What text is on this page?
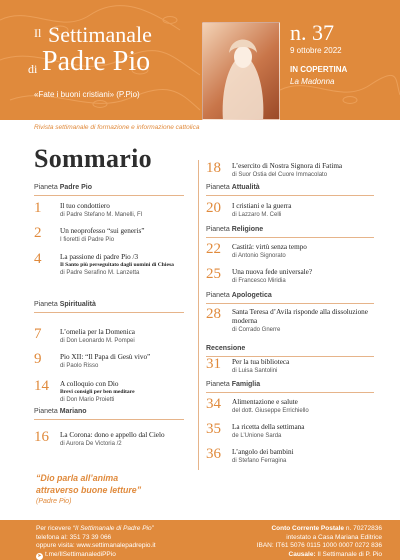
Il Settimanale
di Padre Pio
«Fate i buoni cristiani» (P.Pio)
n. 37
9 ottobre 2022
IN COPERTINA
La Madonna
Rivista settimanale di formazione e informazione cattolica
Sommario
Pianeta Padre Pio
1	Il tuo condottiero
di Padre Stefano M. Manelli, FI
2	Un neoprofesso “sui generis”
I fioretti di Padre Pio
4	La passione di padre Pio /3
Il Santo più perseguitato dagli uomini di Chiesa
di Padre Serafino M. Lanzetta
Pianeta Spiritualità
7	L’omelia per la Domenica
di Don Leonardo M. Pompei
9	Pio XII: “Il Papa di Gesù vivo”
di Paolo Risso
14 A colloquio con Dio
Brevi consigli per ben meditare
di Don Mario Proietti
Pianeta Mariano
16 La Corona: dono e appello dal Cielo
di Aurora De Victoria /2
18 L’esercito di Nostra Signora di Fatima
di Suor Ostia del Cuore Immacolato
Pianeta Attualità
20 I cristiani e la guerra
di Lazzaro M. Celli
Pianeta Religione
22 Castità: virtù senza tempo
di Antonio Signorato
25 Una nuova fede universale?
di Francesco Miridia
Pianeta Apologetica
28 Santa Teresa d’Avila risponde alla dissoluzione moderna
di Corrado Gnerre
Recensione
31 Per la tua biblioteca
di Luisa Santolini
Pianeta Famiglia
34 Alimentazione e salute
del dott. Giuseppe Errichiello
35 La ricetta della settimana
de L’Unione Sarda
36 L’angolo dei bambini
di Stefano Ferragina
“Dio parla all’anima
attraverso buone letture”
(Padre Pio)
Per ricevere “Il Settimanale di Padre Pio”
telefona al: 351 73 39 066
oppure visita: www.settimanalepadrepio.it
➤ t.me/IlSettimanalediPPio
Conto Corrente Postale n. 70272836
intestato a Casa Mariana Editrice
IBAN: IT61 5076 0115 1000 0007 0272 836
Causale: Il Settimanale di P. Pio
